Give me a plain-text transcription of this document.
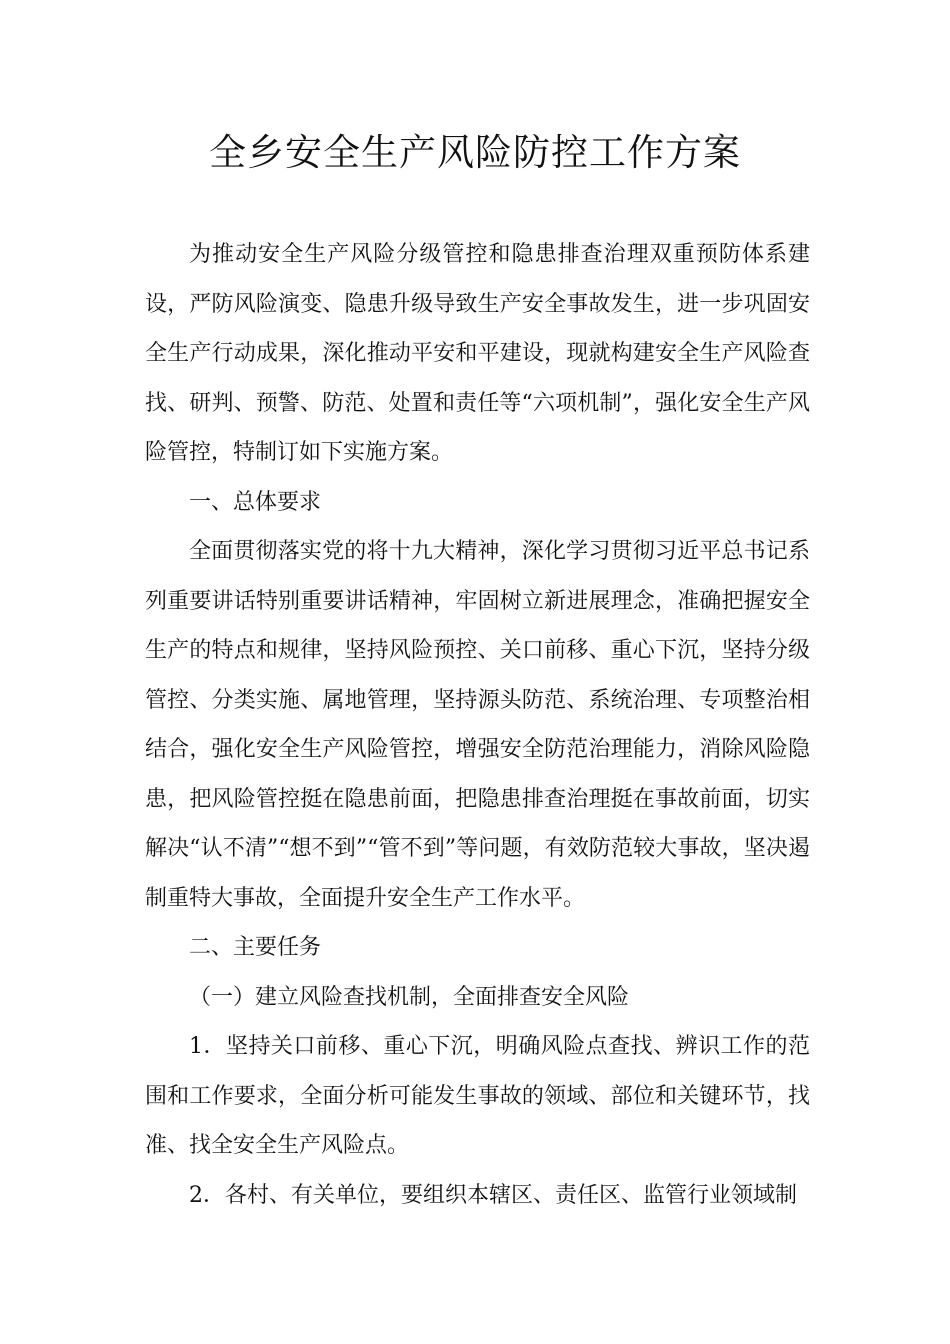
全乡安全生产风险防控工作方案

为推动安全生产风险分级管控和隐患排查治理双重预防体系建设，严防风险演变、隐患升级导致生产安全事故发生，进一步巩固安全生产行动成果，深化推动平安和平建设，现就构建安全生产风险查找、研判、预警、防范、处置和责任等“六项机制”，强化安全生产风险管控，特制订如下实施方案。

一、总体要求

全面贯彻落实党的将十九大精神，深化学习贯彻习近平总书记系列重要讲话特别重要讲话精神，牢固树立新进展理念，准确把握安全生产的特点和规律，坚持风险预控、关口前移、重心下沉，坚持分级管控、分类实施、属地管理，坚持源头防范、系统治理、专项整治相结合，强化安全生产风险管控，增强安全防范治理能力，消除风险隐患，把风险管控挺在隐患前面，把隐患排查治理挺在事故前面，切实解决“认不清”“想不到”“管不到”等问题，有效防范较大事故，坚决遏制重特大事故，全面提升安全生产工作水平。

二、主要任务

（一）建立风险查找机制，全面排查安全风险

1．坚持关口前移、重心下沉，明确风险点查找、辨识工作的范围和工作要求，全面分析可能发生事故的领域、部位和关键环节，找准、找全安全生产风险点。

2．各村、有关单位，要组织本辖区、责任区、监管行业领域制
